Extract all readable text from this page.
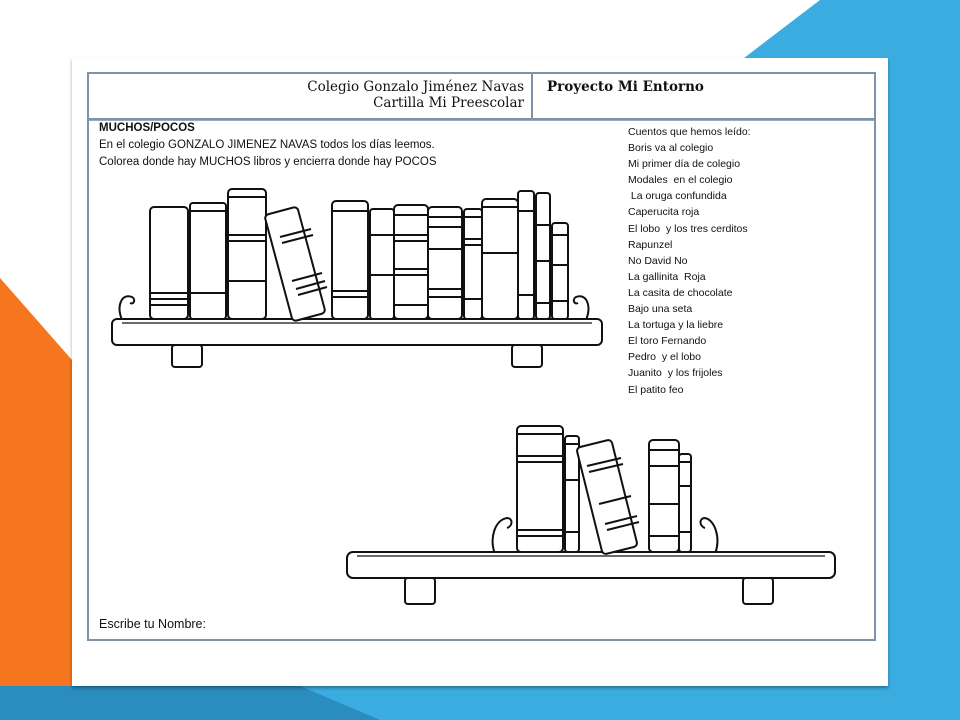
Colegio Gonzalo Jiménez Navas
Cartilla Mi Preescolar
Proyecto Mi Entorno
MUCHOS/POCOS
En el colegio GONZALO JIMENEZ NAVAS todos los días leemos.
Colorea donde hay MUCHOS libros y encierra donde hay POCOS
Cuentos que hemos leído:
Boris va al colegio
Mi primer día de colegio
Modales  en el colegio
La oruga confundida
Caperucita roja
El lobo  y los tres cerditos
Rapunzel
No David No
La gallinita  Roja
La casita de chocolate
Bajo una seta
La tortuga y la liebre
El toro Fernando
Pedro  y el lobo
Juanito  y los frijoles
El patito feo
Escribe tu Nombre:
